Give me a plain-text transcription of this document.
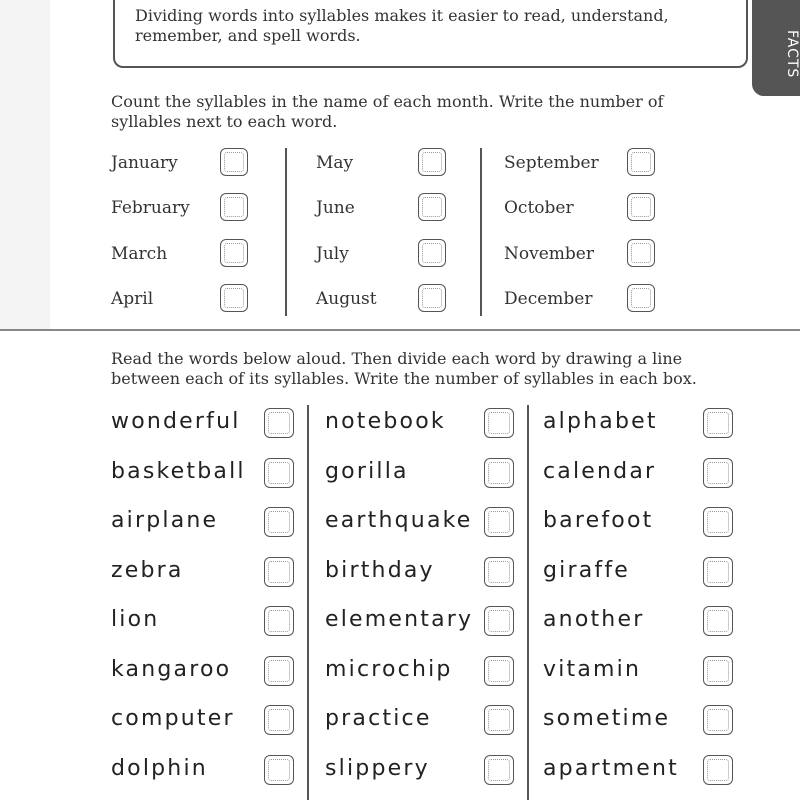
Dividing words into syllables makes it easier to read, understand, remember, and spell words.	FACTS
Count the syllables in the name of each month. Write the number of syllables next to each word.
January
February
March
April
May
June
July
August
September
October
November
December
Read the words below aloud. Then divide each word by drawing a line between each of its syllables. Write the number of syllables in each box.
wonderful
basketball
airplane
zebra
lion
kangaroo
computer
dolphin
notebook
gorilla
earthquake
birthday
elementary
microchip
practice
slippery
alphabet
calendar
barefoot
giraffe
another
vitamin
sometime
apartment
